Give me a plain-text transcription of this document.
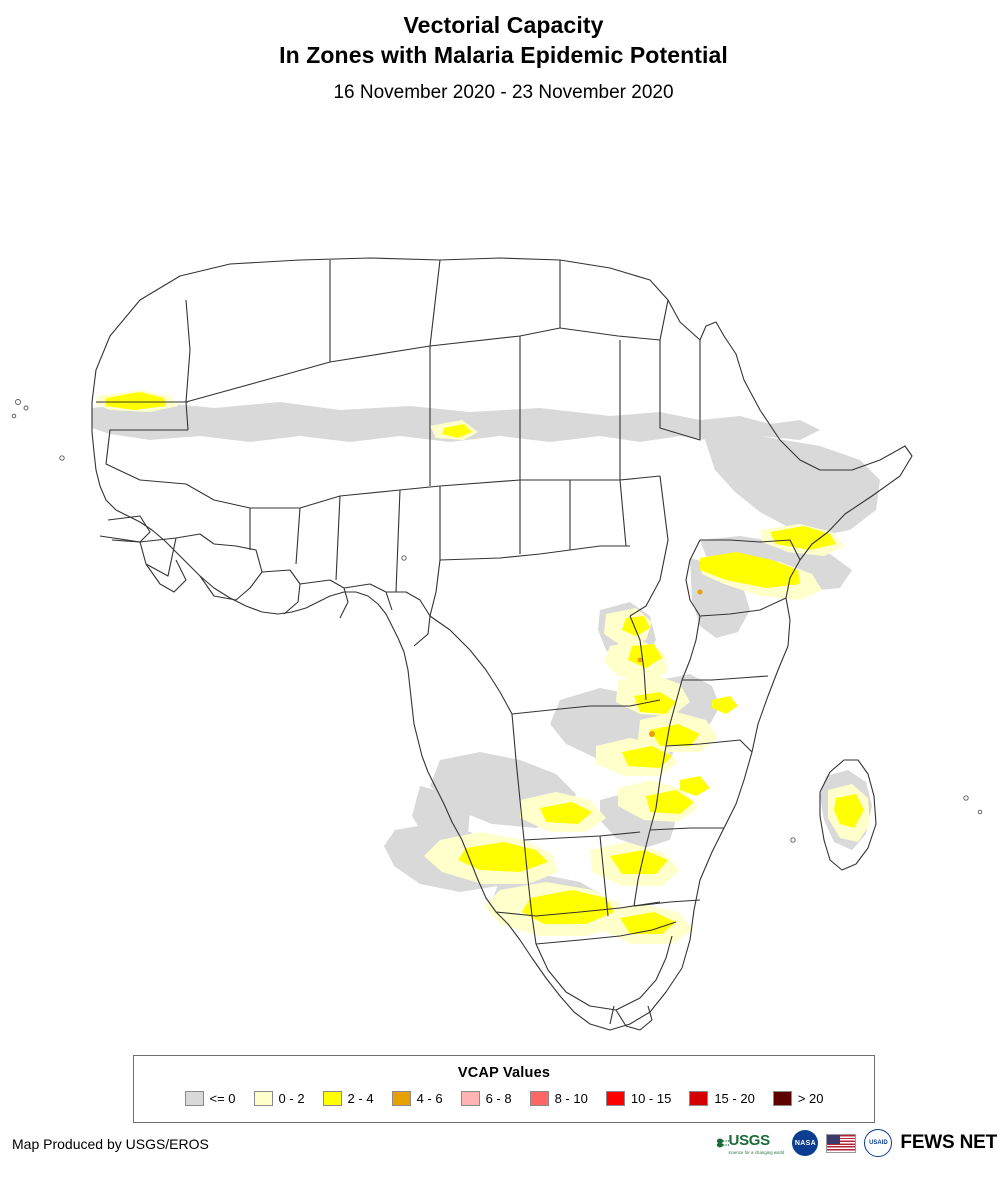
Vectorial Capacity
In Zones with Malaria Epidemic Potential
16 November 2020 - 23 November 2020
VCAP Values
<= 0	0 - 2	2 - 4	4 - 6	6 - 8	8 - 10	10 - 15	15 - 20	> 20
Map Produced by USGS/EROS	USGS
science for a changing world
NASA	USAID FEWS NET
